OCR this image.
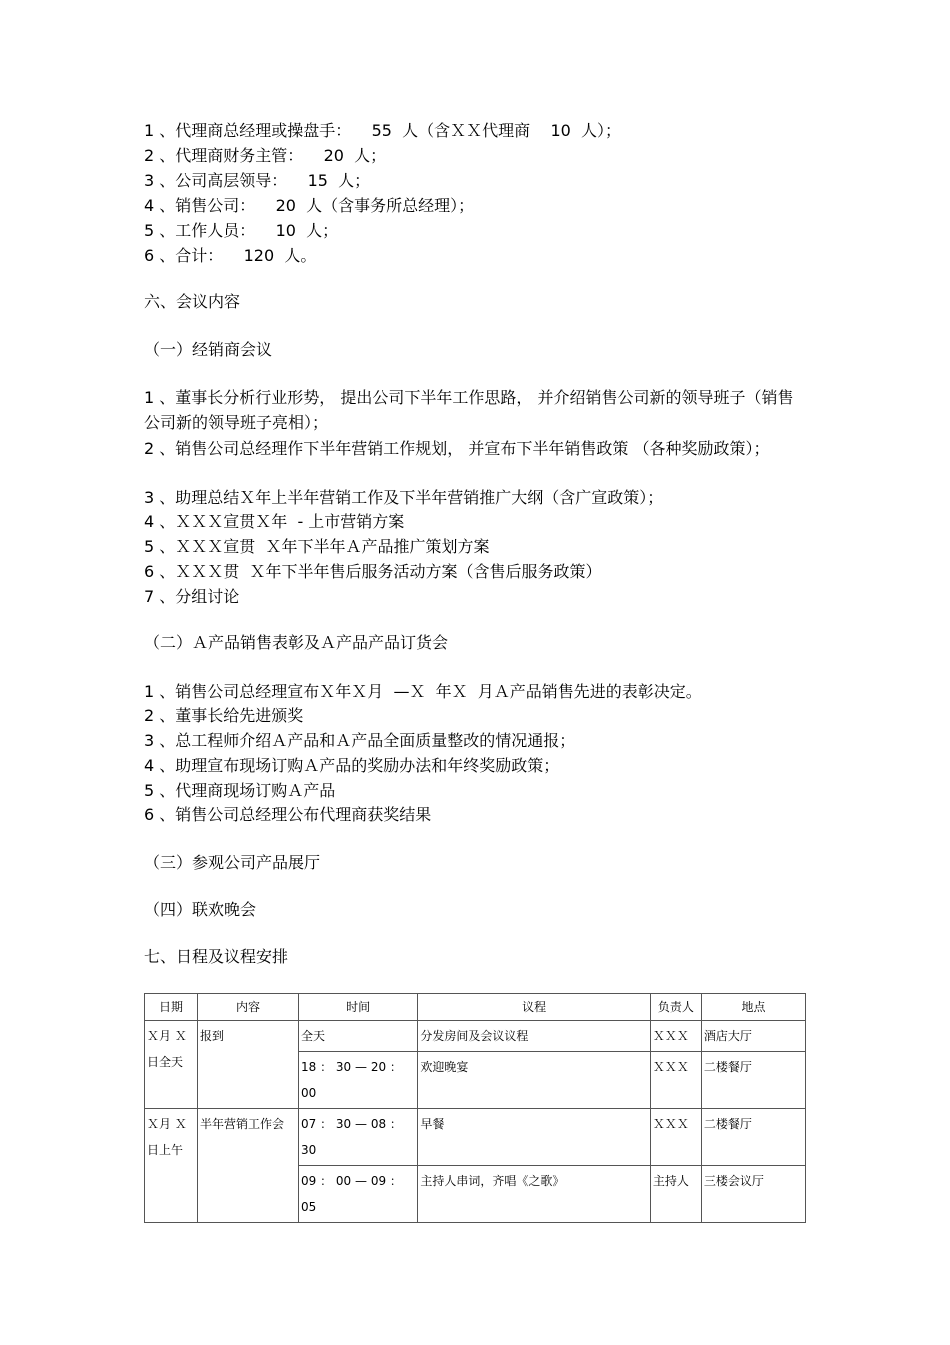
1 、代理商总经理或操盘手：    55  人（含ＸＸ代理商    10  人）；
2 、代理商财务主管：    20  人；
3 、公司高层领导：    15  人；
4 、销售公司：    20  人（含事务所总经理）；
5 、工作人员：    10  人；
6 、合计：    120  人。
六、会议内容
（一）经销商会议
1 、董事长分析行业形势， 提出公司下半年工作思路， 并介绍销售公司新的领导班子（销售公司新的领导班子亮相）；
2 、销售公司总经理作下半年营销工作规划， 并宣布下半年销售政策 （各种奖励政策）；
3 、助理总结Ｘ年上半年营销工作及下半年营销推广大纲（含广宣政策）；
4 、ＸＸＸ宣贯Ｘ年  - 上市营销方案
5 、ＸＸＸ宣贯  Ｘ年下半年Ａ产品推广策划方案
6 、ＸＸＸ贯  Ｘ年下半年售后服务活动方案（含售后服务政策）
7 、分组讨论
（二）Ａ产品销售表彰及Ａ产品产品订货会
1 、销售公司总经理宣布Ｘ年Ｘ月  —Ｘ  年Ｘ  月Ａ产品销售先进的表彰决定。
2 、董事长给先进颁奖
3 、总工程师介绍Ａ产品和Ａ产品全面质量整改的情况通报；
4 、助理宣布现场订购Ａ产品的奖励办法和年终奖励政策；
5 、代理商现场订购Ａ产品
6 、销售公司总经理公布代理商获奖结果
（三）参观公司产品展厅
（四）联欢晚会
七、日程及议程安排
日期	内容	时间	议程	负责人	地点
Ｘ月 Ｘ日全天	报到	全天	分发房间及会议议程	ＸＸＸ	酒店大厅
		18 ： 30 — 20 ： 00	欢迎晚宴	ＸＸＸ	二楼餐厅
Ｘ月 Ｘ日上午	半年营销工作会	07 ： 30 — 08 ： 30	早餐	ＸＸＸ	二楼餐厅
		09 ： 00 — 09 ： 05	主持人串词，齐唱《之歌》	主持人	三楼会议厅
